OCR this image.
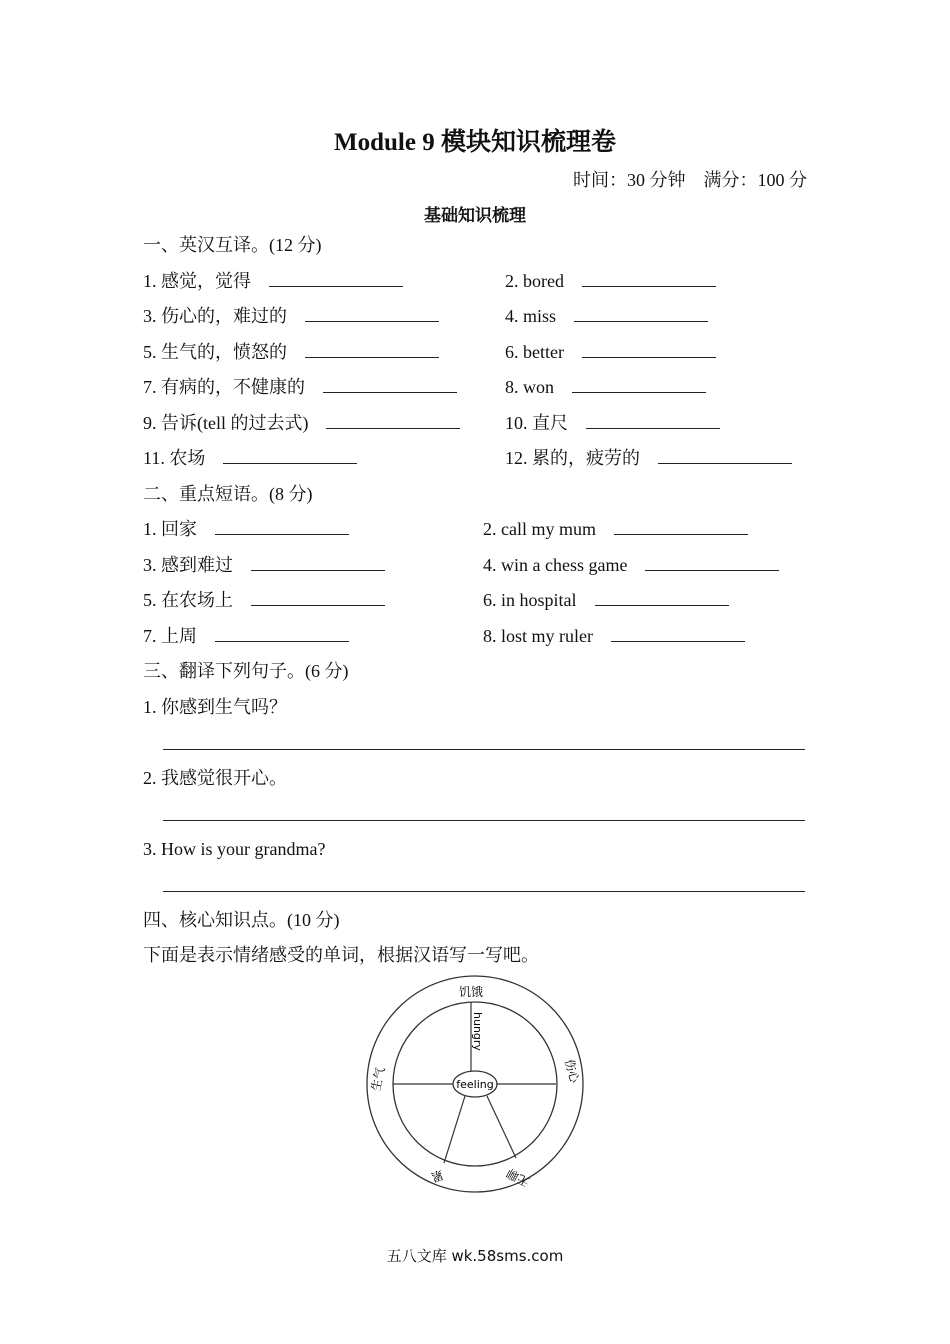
Module 9 模块知识梳理卷
时间：30 分钟　满分：100 分
基础知识梳理
一、英汉互译。(12 分)
1. 感觉，觉得	2. bored
3. 伤心的，难过的	4. miss
5. 生气的，愤怒的	6. better
7. 有病的，不健康的	8. won
9. 告诉(tell 的过去式)	10. 直尺
11. 农场	12. 累的，疲劳的
二、重点短语。(8 分)
1. 回家	2. call my mum
3. 感到难过	4. win a chess game
5. 在农场上	6. in hospital
7. 上周	8. lost my ruler
三、翻译下列句子。(6 分)
1. 你感到生气吗？
2. 我感觉很开心。
3. How is your grandma?
四、核心知识点。(10 分)
下面是表示情绪感受的单词，根据汉语写一写吧。
feeling
饥饿
hungry
伤心
生气
无聊
累
五八文库 wk.58sms.com
